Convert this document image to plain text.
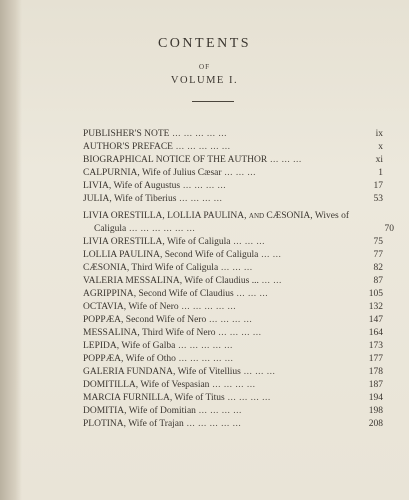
CONTENTS
OF
VOLUME I.
PUBLISHER'S NOTE ... ... ... ... ...	ix
AUTHOR'S PREFACE ... ... ... ... ...	x
BIOGRAPHICAL NOTICE OF THE AUTHOR ... ... ...	xi
CALPURNIA, Wife of Julius Cæsar ... ... ...	1
LIVIA, Wife of Augustus ... ... ... ...	17
JULIA, Wife of Tiberius ... ... ... ...	53
LIVIA ORESTILLA, LOLLIA PAULINA, and CÆSONIA, Wives of
Caligula ... ... ... ... ... ...	70
LIVIA ORESTILLA, Wife of Caligula ... ... ...	75
LOLLIA PAULINA, Second Wife of Caligula ... ...	77
CÆSONIA, Third Wife of Caligula ... ... ...	82
VALERIA MESSALINA, Wife of Claudius ... ... ...	87
AGRIPPINA, Second Wife of Claudius ... ... ...	105
OCTAVIA, Wife of Nero ... ... ... ... ...	132
POPPÆA, Second Wife of Nero ... ... ... ...	147
MESSALINA, Third Wife of Nero ... ... ... ...	164
LEPIDA, Wife of Galba ... ... ... ... ...	173
POPPÆA, Wife of Otho ... ... ... ... ...	177
GALERIA FUNDANA, Wife of Vitellius ... ... ...	178
DOMITILLA, Wife of Vespasian ... ... ... ...	187
MARCIA FURNILLA, Wife of Titus ... ... ... ...	194
DOMITIA, Wife of Domitian ... ... ... ...	198
PLOTINA, Wife of Trajan ... ... ... ... ...	208
